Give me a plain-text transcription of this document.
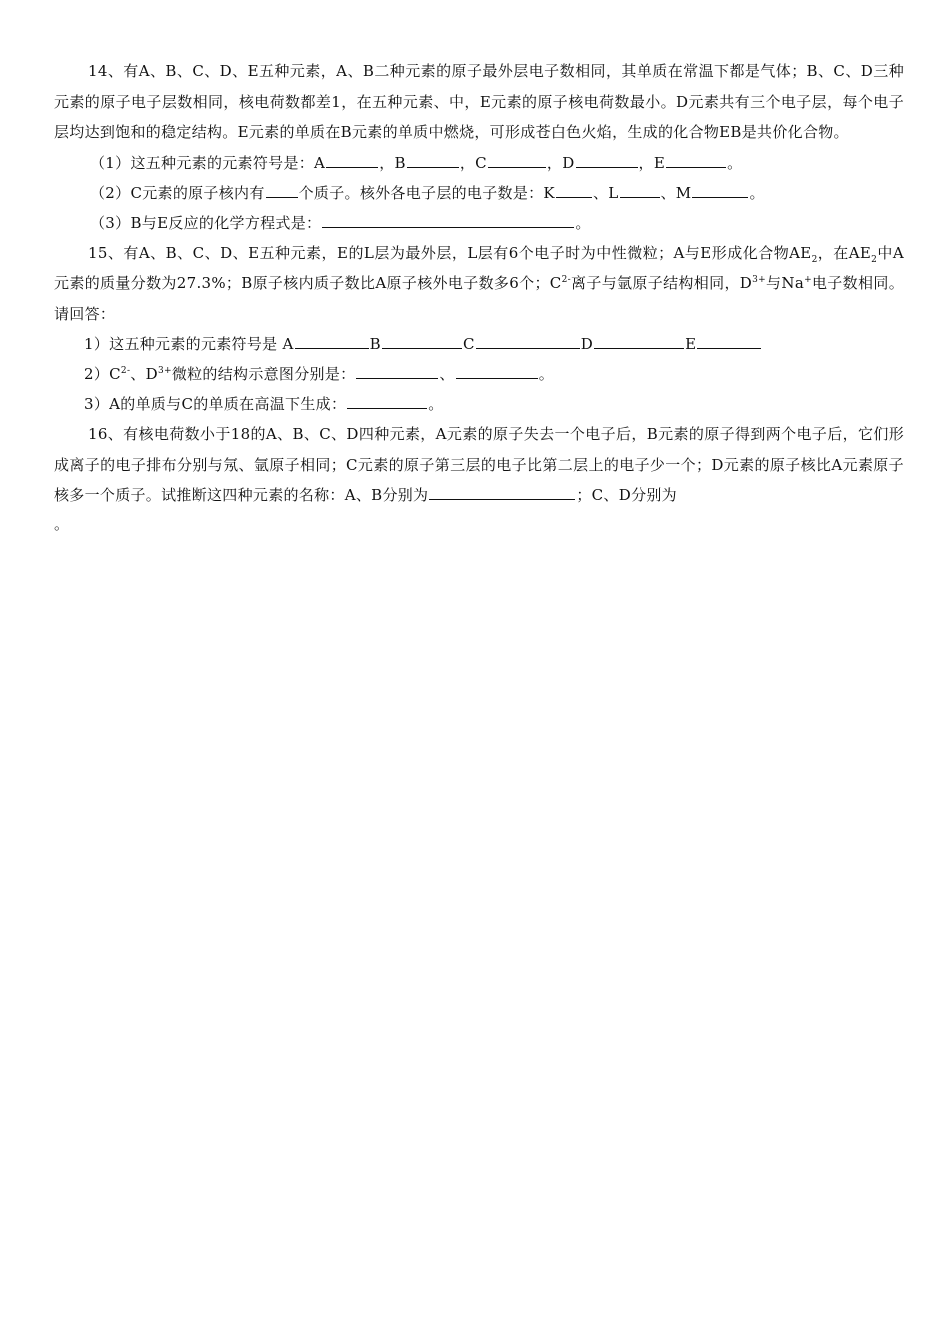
14、有A、B、C、D、E五种元素，A、B二种元素的原子最外层电子数相同，其单质在常温下都是气体；B、C、D三种元素的原子电子层数相同，核电荷数都差1，在五种元素、中，E元素的原子核电荷数最小。D元素共有三个电子层，每个电子层均达到饱和的稳定结构。E元素的单质在B元素的单质中燃烧，可形成苍白色火焰，生成的化合物EB是共价化合物。

（1）这五种元素的元素符号是：A	，B	，C	，D	，E	。

（2）C元素的原子核内有 个质子。核外各电子层的电子数是：K	、L	、M	。

（3）B与E反应的化学方程式是：	。

15、有A、B、C、D、E五种元素，E的L层为最外层，L层有6个电子时为中性微粒；A与E形成化合物$AE_2$，在$AE_2$中A元素的质量分数为27.3%；B原子核内质子数比A原子核外电子数多6个；$C^{2-}$离子与氩原子结构相同，$D^{3+}$与Na+电子数相同。请回答：

1）这五种元素的元素符号是 A	B	C	D	E

$2)C^{2-}$、$D^{3+}$微粒的结构示意图分别是：	、	。

3）A的单质与C的单质在高温下生成：	。

16、有核电荷数小于18的A、B、C、D四种元素，A元素的原子失去一个电子后，B元素的原子得到两个电子后，它们形成离子的电子排布分别与氖、氩原子相同；C元素的原子第三层的电子比第二层上的电子少一个；D元素的原子核比A元素原子核多一个质子。试推断这四种元素的名称：A、B分别为	；C、D分别为

。
